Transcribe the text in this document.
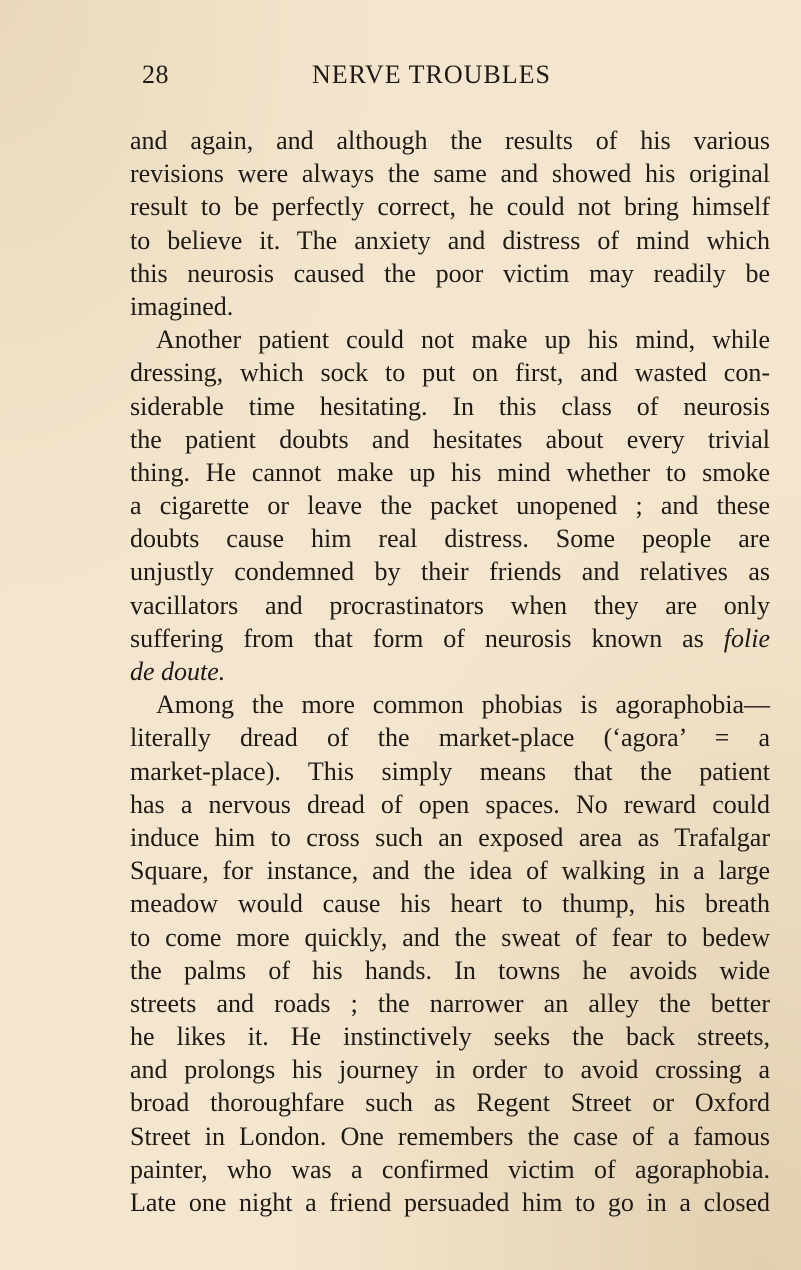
28	NERVE TROUBLES
and again, and although the results of his various
revisions were always the same and showed his original
result to be perfectly correct, he could not bring himself
to believe it. The anxiety and distress of mind which
this neurosis caused the poor victim may readily be
imagined.
Another patient could not make up his mind, while
dressing, which sock to put on first, and wasted con-
siderable time hesitating. In this class of neurosis
the patient doubts and hesitates about every trivial
thing. He cannot make up his mind whether to smoke
a cigarette or leave the packet unopened ; and these
doubts cause him real distress. Some people are
unjustly condemned by their friends and relatives as
vacillators and procrastinators when they are only
suffering from that form of neurosis known as folie
de doute.
Among the more common phobias is agoraphobia—
literally dread of the market-place (‘agora’ = a
market-place). This simply means that the patient
has a nervous dread of open spaces. No reward could
induce him to cross such an exposed area as Trafalgar
Square, for instance, and the idea of walking in a large
meadow would cause his heart to thump, his breath
to come more quickly, and the sweat of fear to bedew
the palms of his hands. In towns he avoids wide
streets and roads ; the narrower an alley the better
he likes it. He instinctively seeks the back streets,
and prolongs his journey in order to avoid crossing a
broad thoroughfare such as Regent Street or Oxford
Street in London. One remembers the case of a famous
painter, who was a confirmed victim of agoraphobia.
Late one night a friend persuaded him to go in a closed
